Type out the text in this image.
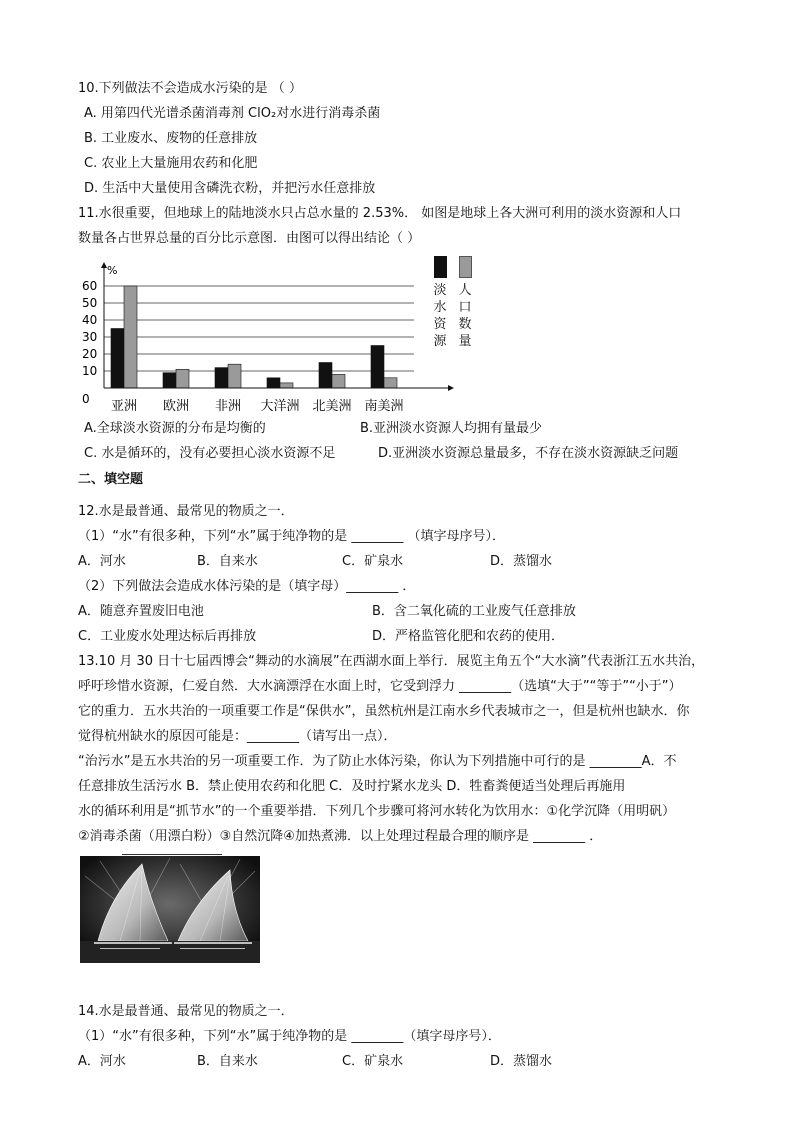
10.下列做法不会造成水污染的是 （ ）
A. 用第四代光谱杀菌消毒剂 ClO₂对水进行消毒杀菌
B. 工业废水、废物的任意排放
C. 农业上大量施用农药和化肥
D. 生活中大量使用含磷洗衣粉，并把污水任意排放
11.水很重要，但地球上的陆地淡水只占总水量的 2.53%． 如图是地球上各大洲可利用的淡水资源和人口
数量各占世界总量的百分比示意图．由图可以得出结论（ ）
0
10
20
30
40
50
60
亚洲 欧洲 非洲 大洋洲 北美洲 南美洲
%
淡
水
资
源
人
口
数
量
A.全球淡水资源的分布是均衡的	B.亚洲淡水资源人均拥有量最少
C. 水是循环的，没有必要担心淡水资源不足	D.亚洲淡水资源总量最多，不存在淡水资源缺乏问题
二、填空题
12.水是最普通、最常见的物质之一．
（1）“水”有很多种，下列“水”属于纯净物的是 ________ （填字母序号）．
A．河水	B．自来水	C．矿泉水	D．蒸馏水
（2）下列做法会造成水体污染的是（填字母）________ ．
A．随意弃置废旧电池	B．含二氧化硫的工业废气任意排放
C．工业废水处理达标后再排放	D．严格监管化肥和农药的使用．
13.10 月 30 日十七届西博会“舞动的水滴展”在西湖水面上举行．展览主角五个“大水滴”代表浙江五水共治，
呼吁珍惜水资源，仁爱自然．大水滴漂浮在水面上时，它受到浮力 ________（选填“大于”“等于”“小于”）
它的重力．五水共治的一项重要工作是“保供水”，虽然杭州是江南水乡代表城市之一，但是杭州也缺水．你
觉得杭州缺水的原因可能是：________（请写出一点）．
“治污水”是五水共治的另一项重要工作．为了防止水体污染，你认为下列措施中可行的是 ________A．不
任意排放生活污水 B．禁止使用农药和化肥 C．及时拧紧水龙头 D．牲畜粪便适当处理后再施用
水的循环利用是“抓节水”的一个重要举措．下列几个步骤可将河水转化为饮用水：①化学沉降（用明矾）
②消毒杀菌（用漂白粉）③自然沉降④加热煮沸．以上处理过程最合理的顺序是 ________ ．
14.水是最普通、最常见的物质之一．
（1）“水”有很多种，下列“水”属于纯净物的是 ________（填字母序号）．
A．河水	B．自来水	C．矿泉水	D．蒸馏水
